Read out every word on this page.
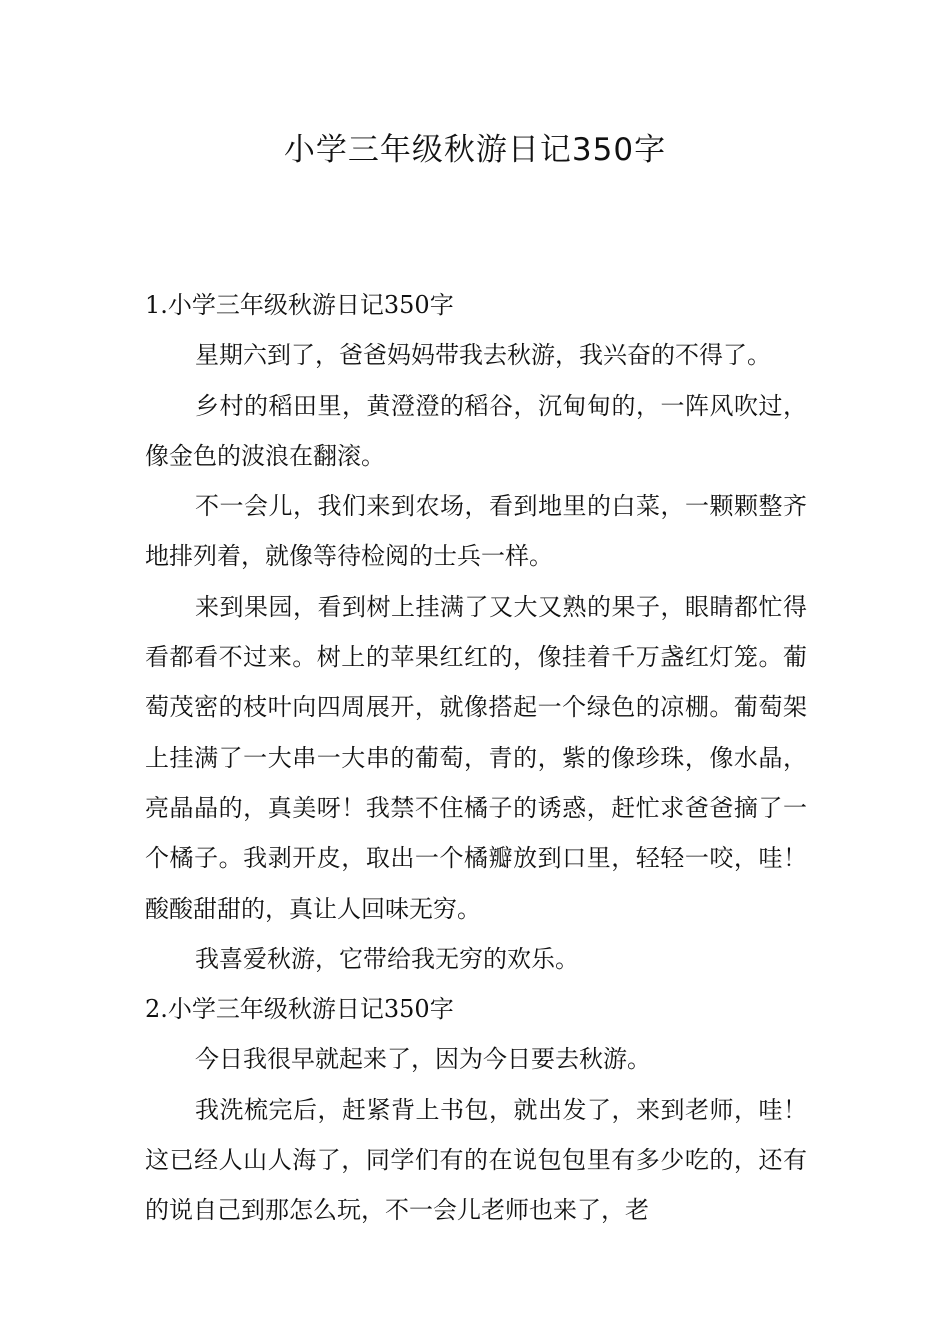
小学三年级秋游日记350字

1.小学三年级秋游日记350字

星期六到了，爸爸妈妈带我去秋游，我兴奋的不得了。

乡村的稻田里，黄澄澄的稻谷，沉甸甸的，一阵风吹过，像金色的波浪在翻滚。

不一会儿，我们来到农场，看到地里的白菜，一颗颗整齐地排列着，就像等待检阅的士兵一样。

来到果园，看到树上挂满了又大又熟的果子，眼睛都忙得看都看不过来。树上的苹果红红的，像挂着千万盏红灯笼。葡萄茂密的枝叶向四周展开，就像搭起一个绿色的凉棚。葡萄架上挂满了一大串一大串的葡萄，青的，紫的像珍珠，像水晶，亮晶晶的，真美呀！我禁不住橘子的诱惑，赶忙求爸爸摘了一个橘子。我剥开皮，取出一个橘瓣放到口里，轻轻一咬，哇！酸酸甜甜的，真让人回味无穷。

我喜爱秋游，它带给我无穷的欢乐。

2.小学三年级秋游日记350字

今日我很早就起来了，因为今日要去秋游。

我洗梳完后，赶紧背上书包，就出发了，来到老师，哇！这已经人山人海了，同学们有的在说包包里有多少吃的，还有的说自己到那怎么玩，不一会儿老师也来了，老
